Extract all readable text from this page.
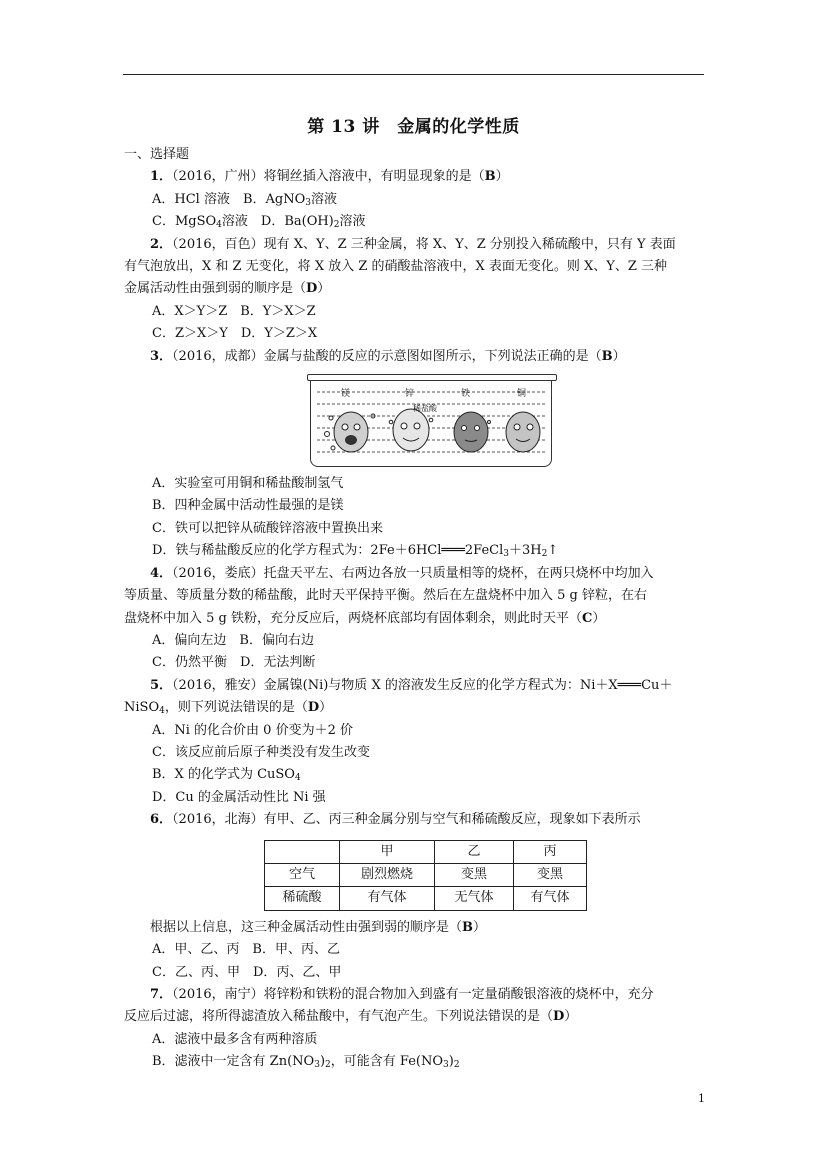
第 13 讲　金属的化学性质
一、选择题
1．（2016，广州）将铜丝插入溶液中，有明显现象的是（B）
A．HCl 溶液　B．AgNO$_3$溶液
C．MgSO$_4$溶液　D．$Ba(OH)_2$溶液
2．（2016，百色）现有 X、Y、Z 三种金属，将 X、Y、Z 分别投入稀硫酸中，只有 Y 表面
有气泡放出，X 和 Z 无变化，将 X 放入 Z 的硝酸盐溶液中，X 表面无变化。则 X、Y、Z 三种
金属活动性由强到弱的顺序是（D）
A．X＞Y＞Z　B．Y＞X＞Z
C．Z＞X＞Y　D．Y＞Z＞X
3．（2016，成都）金属与盐酸的反应的示意图如图所示，下列说法正确的是（B）
镁	锌	铁	铜
稀盐酸
A．实验室可用铜和稀盐酸制氢气
B．四种金属中活动性最强的是镁
C．铁可以把锌从硫酸锌溶液中置换出来
D．铁与稀盐酸反应的化学方程式为：$2Fe+6HCl═══2FeCl_3+3H_2↑$
4．（2016，娄底）托盘天平左、右两边各放一只质量相等的烧杯，在两只烧杯中均加入
等质量、等质量分数的稀盐酸，此时天平保持平衡。然后在左盘烧杯中加入 5 g 锌粒，在右
盘烧杯中加入 5 g 铁粉，充分反应后，两烧杯底部均有固体剩余，则此时天平（C）
A．偏向左边　B．偏向右边
C．仍然平衡　D．无法判断
5．（2016，雅安）金属镍(Ni)与物质 X 的溶液发生反应的化学方程式为：Ni＋X═══Cu＋
NiSO$_4$，则下列说法错误的是（D）
A．Ni 的化合价由 0 价变为＋2 价
C．该反应前后原子种类没有发生改变
B．X 的化学式为 CuSO$_4$
D．Cu 的金属活动性比 Ni 强
6．（2016，北海）有甲、乙、丙三种金属分别与空气和稀硫酸反应，现象如下表所示
	甲	乙	丙
空气	剧烈燃烧	变黑	变黑
稀硫酸	有气体	无气体	有气体
根据以上信息，这三种金属活动性由强到弱的顺序是（B）
A．甲、乙、丙　B．甲、丙、乙
C．乙、丙、甲　D．丙、乙、甲
7．（2016，南宁）将锌粉和铁粉的混合物加入到盛有一定量硝酸银溶液的烧杯中，充分
反应后过滤，将所得滤渣放入稀盐酸中，有气泡产生。下列说法错误的是（D）
A．滤液中最多含有两种溶质
B．滤液中一定含有 $Zn(NO_3)_2$，可能含有 $Fe(NO_3)_2$
1
